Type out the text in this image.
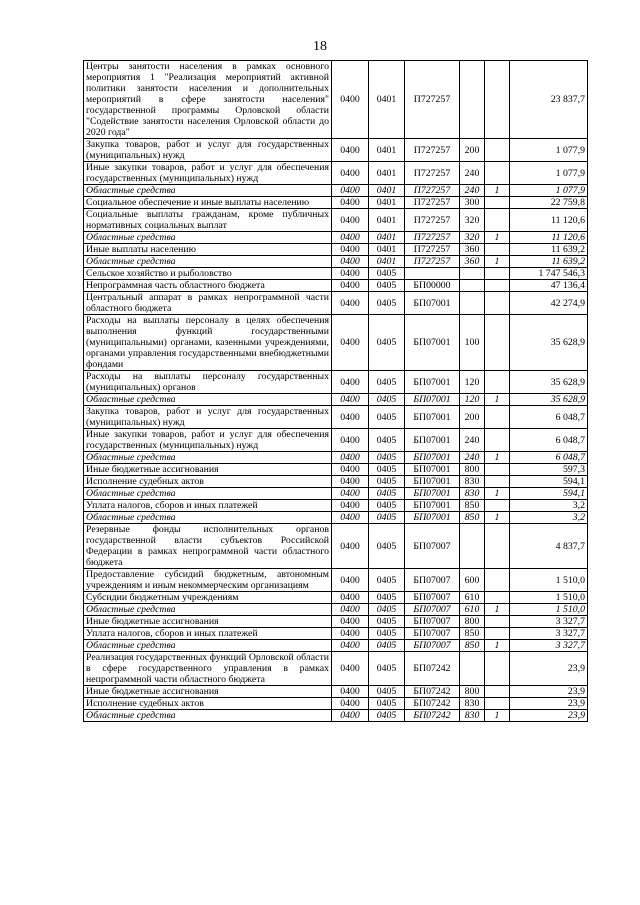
18
Центры занятости населения в рамках основного мероприятия 1 "Реализация мероприятий активной политики занятости населения и дополнительных мероприятий в сфере занятости населения" государственной программы Орловской области "Содействие занятости населения Орловской области до 2020 года"	0400	0401	П727257			23 837,7
Закупка товаров, работ и услуг для государственных (муниципальных) нужд	0400	0401	П727257	200		1 077,9
Иные закупки товаров, работ и услуг для обеспечения государственных (муниципальных) нужд	0400	0401	П727257	240		1 077,9
Областные средства	0400	0401	П727257	240	1	1 077,9
Социальное обеспечение и иные выплаты населению	0400	0401	П727257	300		22 759,8
Социальные выплаты гражданам, кроме публичных нормативных социальных выплат	0400	0401	П727257	320		11 120,6
Областные средства	0400	0401	П727257	320	1	11 120,6
Иные выплаты населению	0400	0401	П727257	360		11 639,2
Областные средства	0400	0401	П727257	360	1	11 639,2
Сельское хозяйство и рыболовство	0400	0405				1 747 546,3
Непрограммная часть областного бюджета	0400	0405	БП00000			47 136,4
Центральный аппарат в рамках непрограммной части областного бюджета	0400	0405	БП07001			42 274,9
Расходы на выплаты персоналу в целях обеспечения выполнения функций государственными (муниципальными) органами, казенными учреждениями, органами управления государственными внебюджетными фондами	0400	0405	БП07001	100		35 628,9
Расходы на выплаты персоналу государственных (муниципальных) органов	0400	0405	БП07001	120		35 628,9
Областные средства	0400	0405	БП07001	120	1	35 628,9
Закупка товаров, работ и услуг для государственных (муниципальных) нужд	0400	0405	БП07001	200		6 048,7
Иные закупки товаров, работ и услуг для обеспечения государственных (муниципальных) нужд	0400	0405	БП07001	240		6 048,7
Областные средства	0400	0405	БП07001	240	1	6 048,7
Иные бюджетные ассигнования	0400	0405	БП07001	800		597,3
Исполнение судебных актов	0400	0405	БП07001	830		594,1
Областные средства	0400	0405	БП07001	830	1	594,1
Уплата налогов, сборов и иных платежей	0400	0405	БП07001	850		3,2
Областные средства	0400	0405	БП07001	850	1	3,2
Резервные фонды исполнительных органов государственной власти субъектов Российской Федерации в рамках непрограммной части областного бюджета	0400	0405	БП07007			4 837,7
Предоставление субсидий бюджетным, автономным учреждениям и иным некоммерческим организациям	0400	0405	БП07007	600		1 510,0
Субсидии бюджетным учреждениям	0400	0405	БП07007	610		1 510,0
Областные средства	0400	0405	БП07007	610	1	1 510,0
Иные бюджетные ассигнования	0400	0405	БП07007	800		3 327,7
Уплата налогов, сборов и иных платежей	0400	0405	БП07007	850		3 327,7
Областные средства	0400	0405	БП07007	850	1	3 327,7
Реализация государственных функций Орловской области в сфере государственного управления в рамках непрограммной части областного бюджета	0400	0405	БП07242			23,9
Иные бюджетные ассигнования	0400	0405	БП07242	800		23,9
Исполнение судебных актов	0400	0405	БП07242	830		23,9
Областные средства	0400	0405	БП07242	830	1	23,9
